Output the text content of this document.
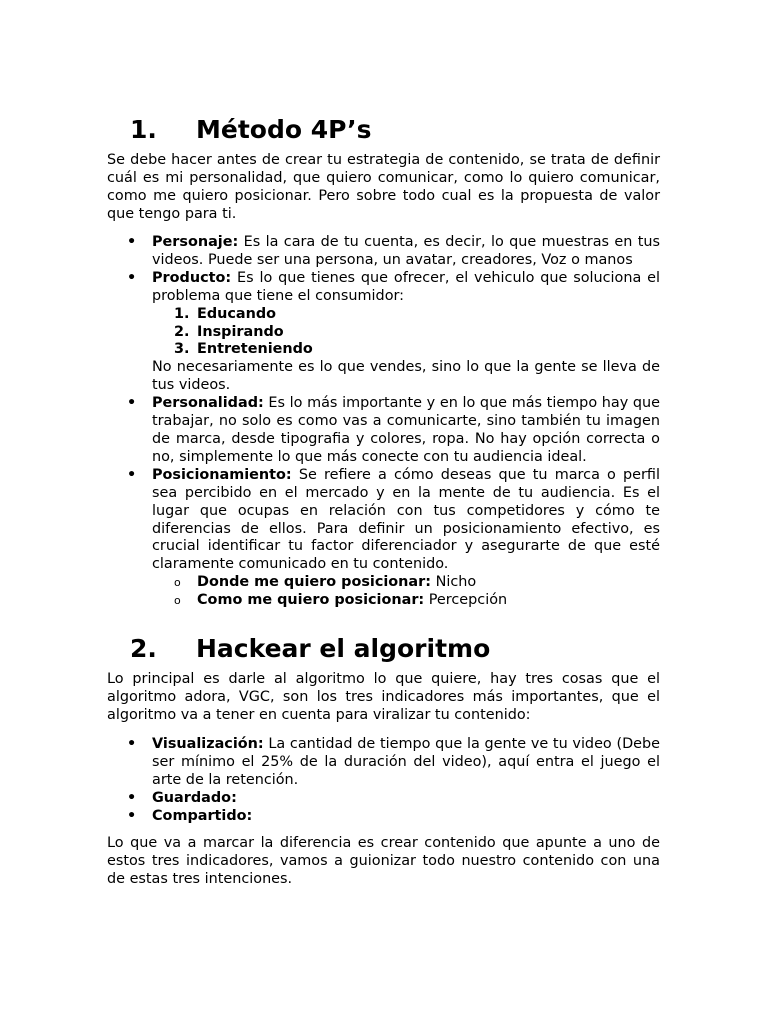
1. Método 4P’s

Se debe hacer antes de crear tu estrategia de contenido, se trata de definir cuál es mi personalidad, que quiero comunicar, como lo quiero comunicar, como me quiero posicionar. Pero sobre todo cual es la propuesta de valor que tengo para ti.

• Personaje: Es la cara de tu cuenta, es decir, lo que muestras en tus videos. Puede ser una persona, un avatar, creadores, Voz o manos
• Producto: Es lo que tienes que ofrecer, el vehiculo que soluciona el problema que tiene el consumidor:
1. Educando
2. Inspirando
3. Entreteniendo
No necesariamente es lo que vendes, sino lo que la gente se lleva de tus videos.
• Personalidad: Es lo más importante y en lo que más tiempo hay que trabajar, no solo es como vas a comunicarte, sino también tu imagen de marca, desde tipografia y colores, ropa. No hay opción correcta o no, simplemente lo que más conecte con tu audiencia ideal.
• Posicionamiento: Se refiere a cómo deseas que tu marca o perfil sea percibido en el mercado y en la mente de tu audiencia. Es el lugar que ocupas en relación con tus competidores y cómo te diferencias de ellos. Para definir un posicionamiento efectivo, es crucial identificar tu factor diferenciador y asegurarte de que esté claramente comunicado en tu contenido.
o Donde me quiero posicionar: Nicho
o Como me quiero posicionar: Percepción
2. Hackear el algoritmo

Lo principal es darle al algoritmo lo que quiere, hay tres cosas que el algoritmo adora, VGC, son los tres indicadores más importantes, que el algoritmo va a tener en cuenta para viralizar tu contenido:

• Visualización: La cantidad de tiempo que la gente ve tu video (Debe ser mínimo el 25% de la duración del video), aquí entra el juego el arte de la retención.
• Guardado:
• Compartido:

Lo que va a marcar la diferencia es crear contenido que apunte a uno de estos tres indicadores, vamos a guionizar todo nuestro contenido con una de estas tres intenciones.
